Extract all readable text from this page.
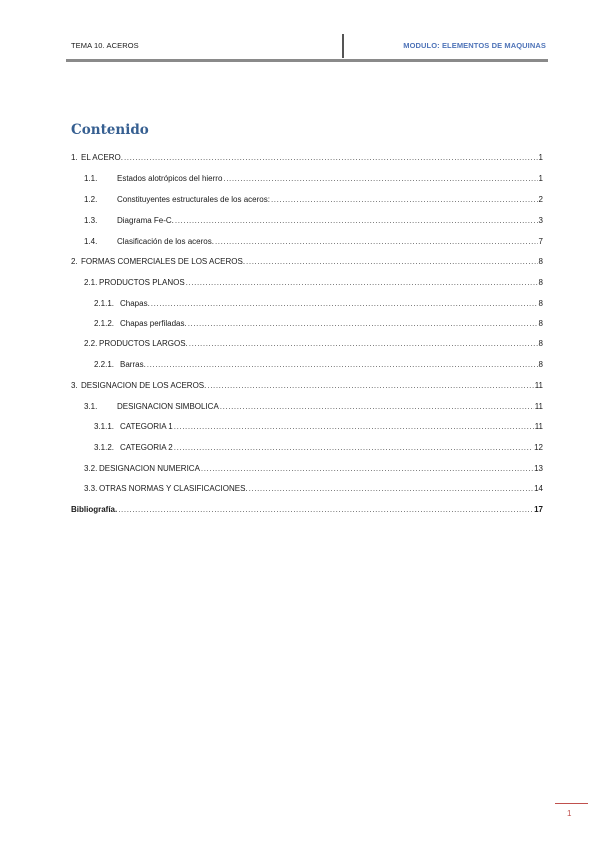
TEMA 10. ACEROS	MODULO: ELEMENTOS DE MAQUINAS
Contenido
1. EL ACERO. .....	1
1.1.	Estados alotrópicos del hierro .....	1
1.2.	Constituyentes estructurales de los aceros: .....	2
1.3.	Diagrama Fe-C. .....	3
1.4.	Clasificación de los aceros. .....	7
2. FORMAS COMERCIALES DE LOS ACEROS. .....	8
2.1. PRODUCTOS PLANOS .....	8
2.1.1. Chapas. .....	8
2.1.2. Chapas perfiladas. .....	8
2.2. PRODUCTOS LARGOS. .....	8
2.2.1. Barras. .....	8
3. DESIGNACION DE LOS ACEROS. .....	11
3.1.	DESIGNACION SIMBOLICA .....	11
3.1.1. CATEGORIA 1 .....	11
3.1.2. CATEGORIA 2 .....	12
3.2. DESIGNACION NUMERICA .....	13
3.3. OTRAS NORMAS Y CLASIFICACIONES. .....	14
Bibliografía. .....	17
1
